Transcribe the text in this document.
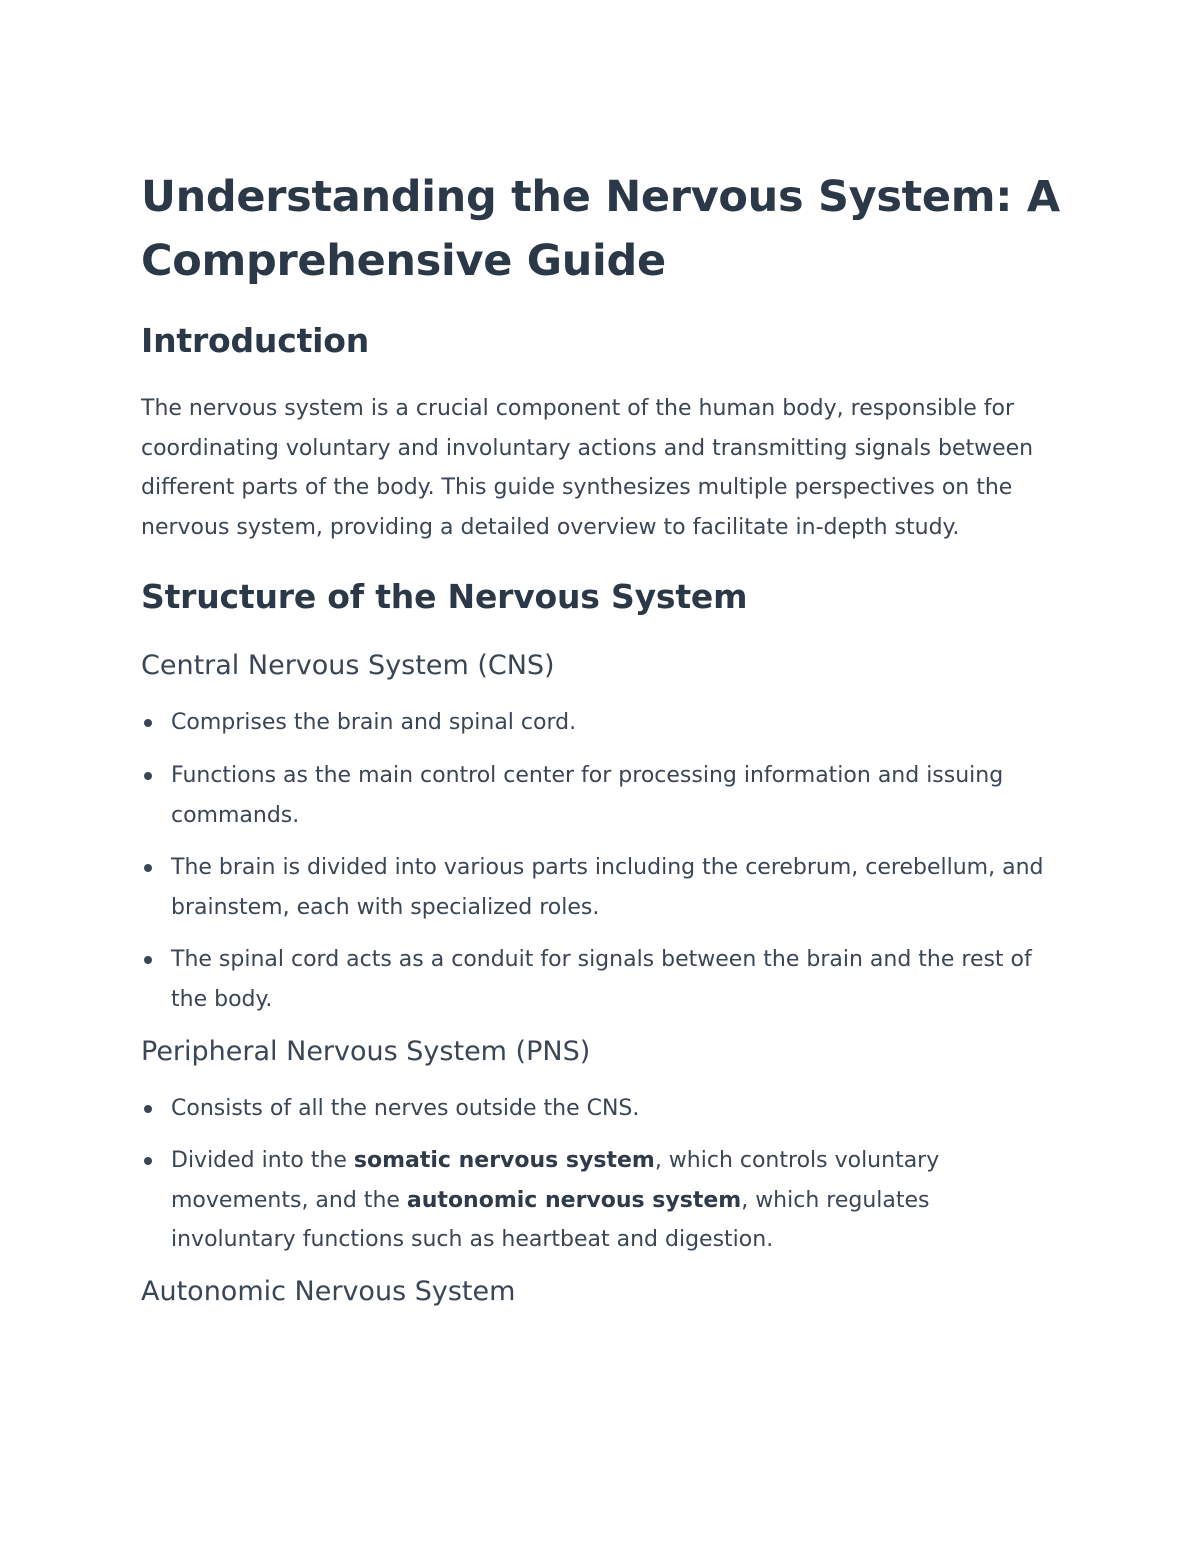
Understanding the Nervous System: A Comprehensive Guide
Introduction

The nervous system is a crucial component of the human body, responsible for coordinating voluntary and involuntary actions and transmitting signals between different parts of the body. This guide synthesizes multiple perspectives on the nervous system, providing a detailed overview to facilitate in-depth study.

Structure of the Nervous System
Central Nervous System (CNS)
Comprises the brain and spinal cord.
Functions as the main control center for processing information and issuing commands.
The brain is divided into various parts including the cerebrum, cerebellum, and brainstem, each with specialized roles.
The spinal cord acts as a conduit for signals between the brain and the rest of the body.
Peripheral Nervous System (PNS)
Consists of all the nerves outside the CNS.
Divided into the somatic nervous system, which controls voluntary movements, and the autonomic nervous system, which regulates involuntary functions such as heartbeat and digestion.
Autonomic Nervous System
